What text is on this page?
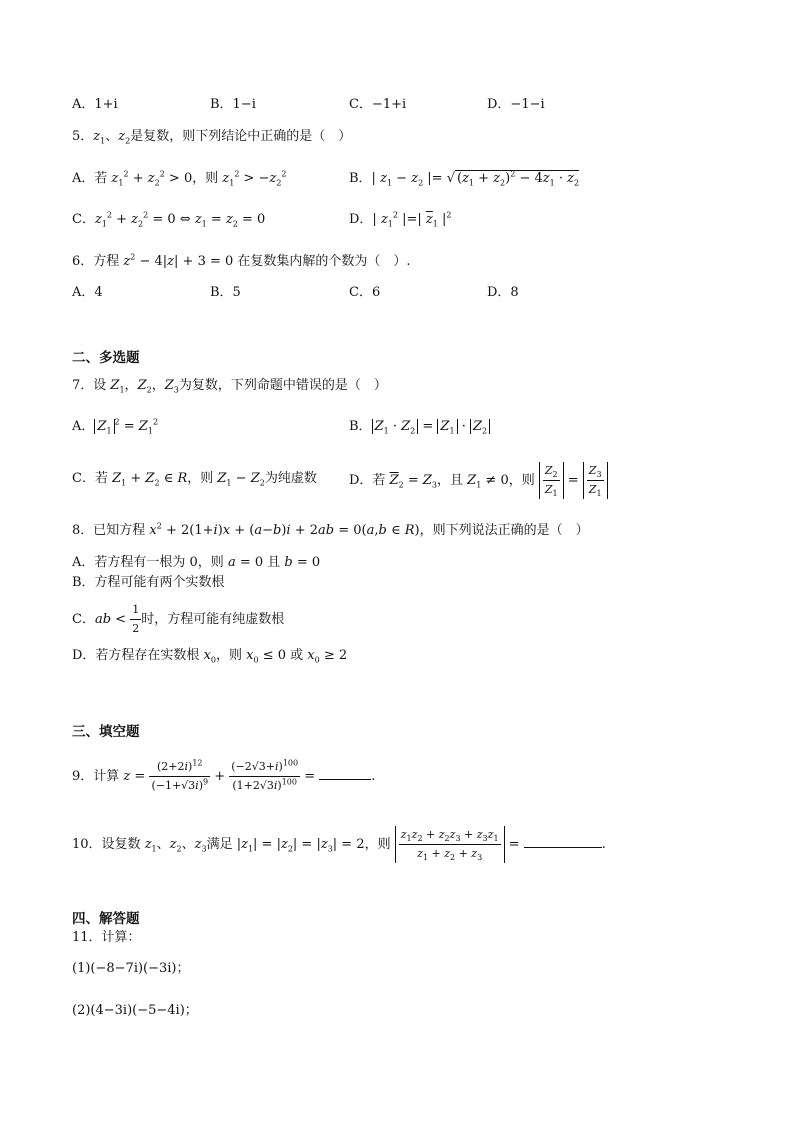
A．1+i	B．1−i	C．−1+i	D．−1−i
5．$z_1$、$z_2$是复数，则下列结论中正确的是（　）
A．若 $z_1^2 + z_2^2 > 0$，则 $z_1^2 > -z_2^2$	B．| $z_1 - z_2$ |= √ $(z_1 + z_2)^2 - 4z_1 \cdot z_2$
C．$z_1^2 + z_2^2 = 0$ ⇔ $z_1 = z_2 = 0$	D．| $z_1^2$ |=| $\overline{z}_1$ $|^2$
6．方程 $z^2 - 4|z| + 3 = 0$ 在复数集内解的个数为（　）.
A．4	B．5	C．6	D．8
二、多选题
7．设 $Z_1$，$Z_2$，$Z_3$为复数，下列命题中错误的是（　）
A． $Z_1^2 = Z_1^2$	B． $Z_1 \cdot Z_2 = Z_1 \cdot Z_2$
C．若 $Z_1 + Z_2$ ∈ R，则 $Z_1 - Z_2$为纯虚数 D．若 $\overline{Z}_2 = Z_3$，且 $Z_1 \ne 0$，则 $\frac{Z_2}{Z_1} = \frac{Z_3}{Z_1}$
8．已知方程 $x^2 + 2(1+i)x + (a-b)i + 2ab = 0(a,b$ ∈ R)，则下列说法正确的是（　）
A．若方程有一根为 0，则 a = 0 且 b = 0
B．方程可能有两个实数根
C．ab < $\frac{1}{2}$ 时，方程可能有纯虚数根
D．若方程存在实数根 $x_0$，则 $x_0 \le 0$ 或 $x_0 \ge 2$
三、填空题
9．计算 $z = \frac{(2+2i)^{12}}{(-1+√3i)^9} + \frac{(-2√3+i)^{100}}{(1+2√3i)^{100}}$ =	.
10．设复数 $z_1$、$z_2$、$z_3$满足 $|z_1| = |z_2| = |z_3| = 2$，则 $\frac{z_1z_2 + z_2z_3 + z_3z_1}{z_1 + z_2 + z_3}$ =	.
四、解答题
11．计算：
(1)(−8−7i)(−3i)；
(2)(4−3i)(−5−4i)；
